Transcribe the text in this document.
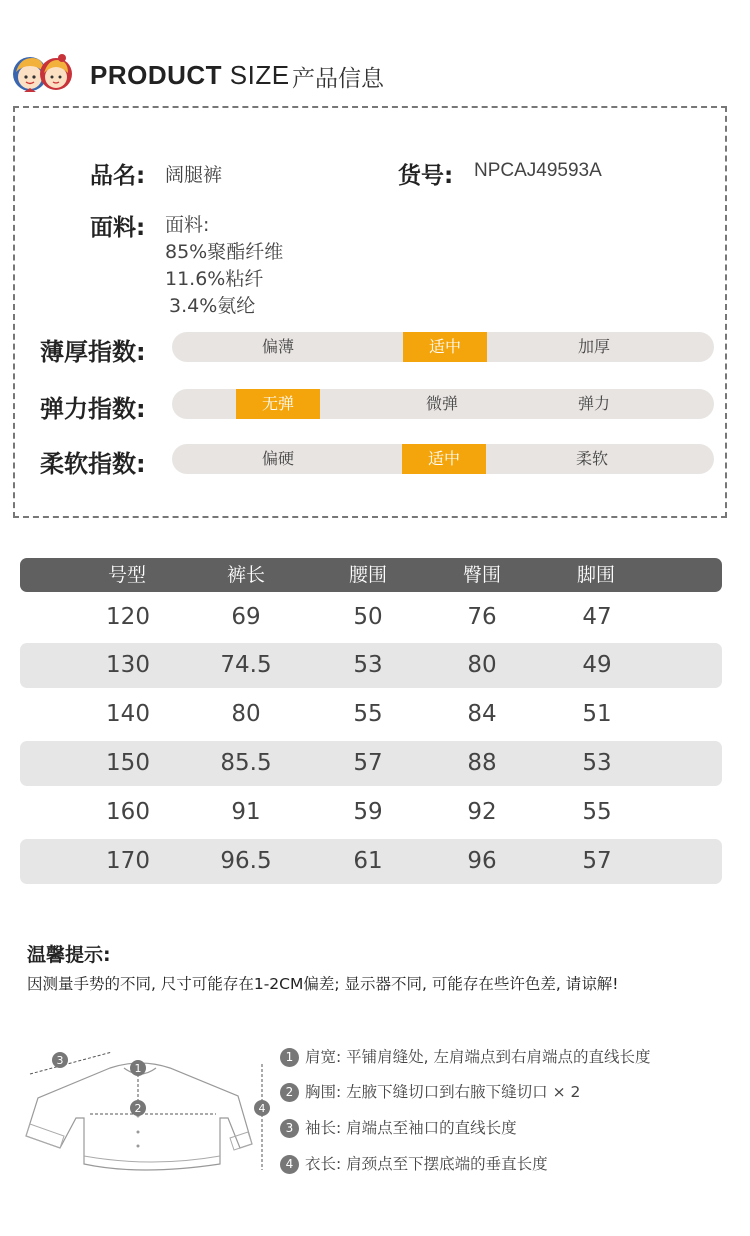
PRODUCT SIZE 产品信息
品名: 阔腿裤	货号: NPCAJ49593A
面料: 面料:
85%聚酯纤维
11.6%粘纤
3.4%氨纶
薄厚指数:	偏薄	适中	加厚
弹力指数:	无弹	微弹	弹力
柔软指数:	偏硬	适中	柔软
号型	裤长	腰围	臀围	脚围
120	69	50	76	47
130	74.5	53	80	49
140	80	55	84	51
150	85.5	57	88	53
160	91	59	92	55
170	96.5	61	96	57
温馨提示:
因测量手势的不同, 尺寸可能存在1-2CM偏差; 显示器不同, 可能存在些许色差, 请谅解!
3
1
2	4
1 肩宽: 平铺肩缝处, 左肩端点到右肩端点的直线长度
2 胸围: 左腋下缝切口到右腋下缝切口 × 2
3 袖长: 肩端点至袖口的直线长度
4 衣长: 肩颈点至下摆底端的垂直长度
